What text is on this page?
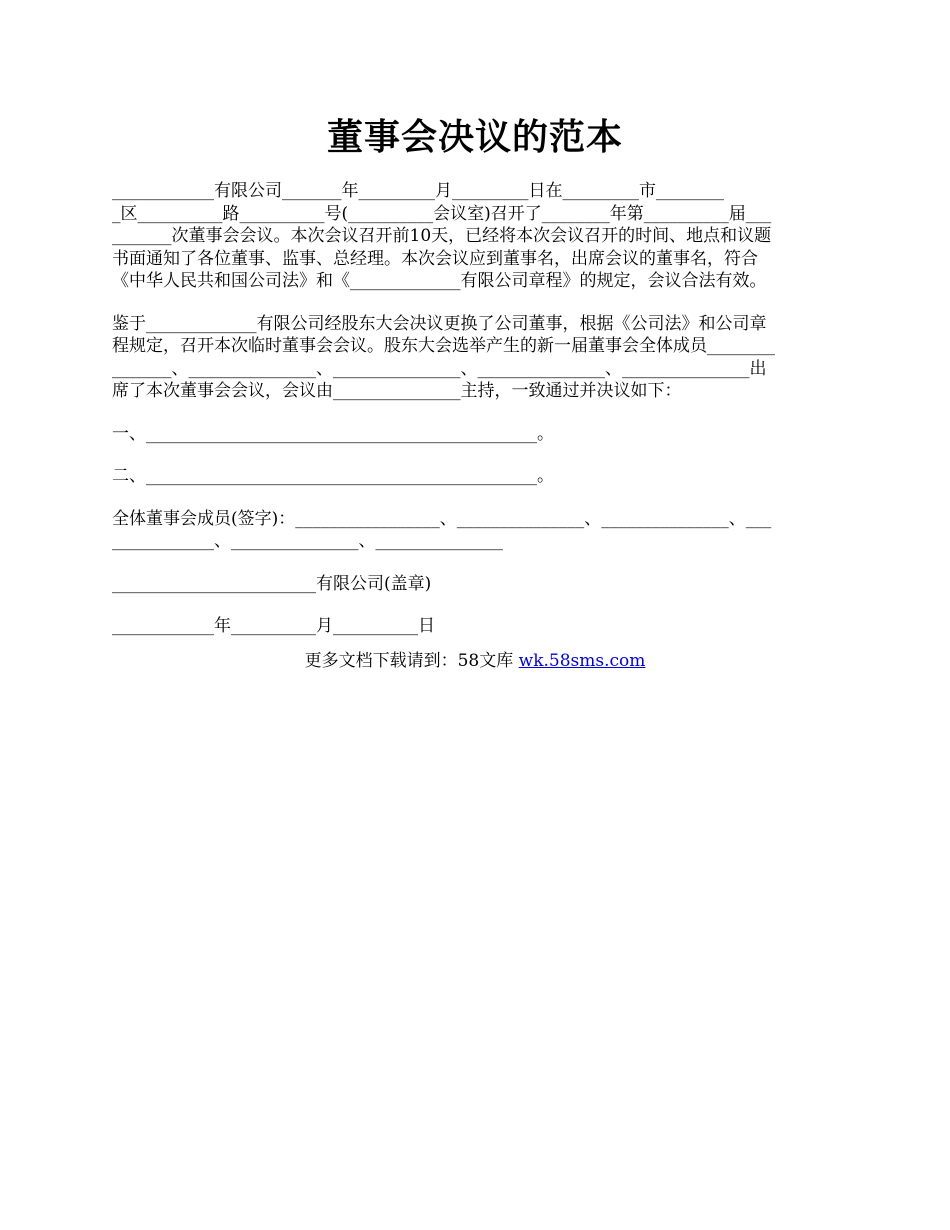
董事会决议的范本

____________有限公司_______年_________月_________日在_________市________
_区__________路__________号(__________会议室)召开了________年第__________届___
_______次董事会会议。本次会议召开前10天，已经将本次会议召开的时间、地点和议题
书面通知了各位董事、监事、总经理。本次会议应到董事名，出席会议的董事名，符合
《中华人民共和国公司法》和《_____________有限公司章程》的规定，会议合法有效。

鉴于_____________有限公司经股东大会决议更换了公司董事，根据《公司法》和公司章
程规定，召开本次临时董事会会议。股东大会选举产生的新一届董事会全体成员________
_______、_______________、_______________、_______________、_______________出
席了本次董事会会议，会议由_______________主持，一致通过并决议如下：

一、______________________________________________。

二、______________________________________________。

全体董事会成员(签字)：_________________、_______________、_______________、___
____________、_______________、_______________

________________________有限公司(盖章)

____________年__________月__________日

更多文档下载请到：58文库 wk.58sms.com
